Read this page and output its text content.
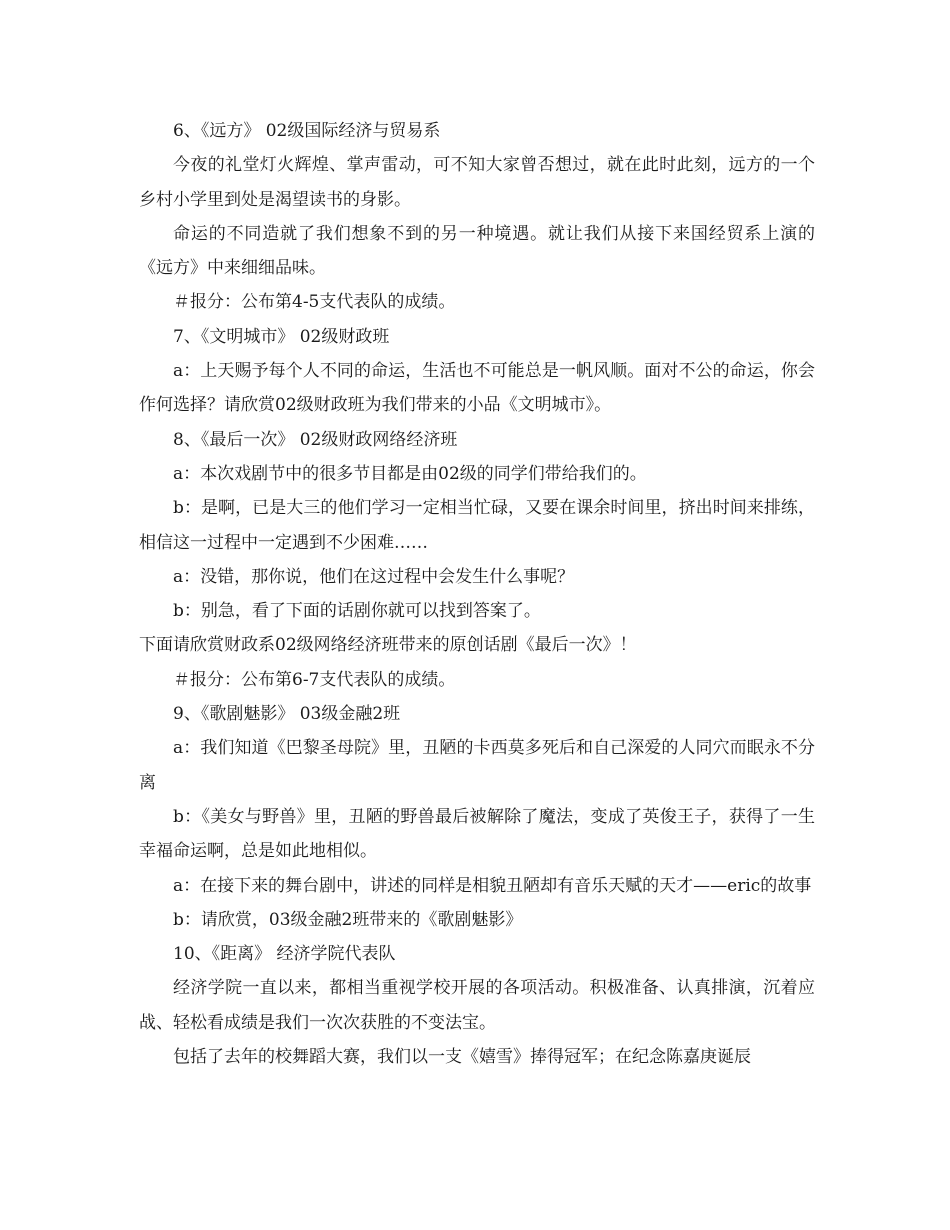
6、《远方》 02级国际经济与贸易系

今夜的礼堂灯火辉煌、掌声雷动，可不知大家曾否想过，就在此时此刻，远方的一个乡村小学里到处是渴望读书的身影。

命运的不同造就了我们想象不到的另一种境遇。就让我们从接下来国经贸系上演的《远方》中来细细品味。

＃报分：公布第4-5支代表队的成绩。

7、《文明城市》 02级财政班

a：上天赐予每个人不同的命运，生活也不可能总是一帆风顺。面对不公的命运，你会作何选择？请欣赏02级财政班为我们带来的小品《文明城市》。

8、《最后一次》 02级财政网络经济班

a：本次戏剧节中的很多节目都是由02级的同学们带给我们的。

b：是啊，已是大三的他们学习一定相当忙碌，又要在课余时间里，挤出时间来排练，相信这一过程中一定遇到不少困难……

a：没错，那你说，他们在这过程中会发生什么事呢？

b：别急，看了下面的话剧你就可以找到答案了。

下面请欣赏财政系02级网络经济班带来的原创话剧《最后一次》！

＃报分：公布第6-7支代表队的成绩。

9、《歌剧魅影》 03级金融2班

a：我们知道《巴黎圣母院》里，丑陋的卡西莫多死后和自己深爱的人同穴而眠永不分离

b：《美女与野兽》里，丑陋的野兽最后被解除了魔法，变成了英俊王子，获得了一生幸福命运啊，总是如此地相似。

a：在接下来的舞台剧中，讲述的同样是相貌丑陋却有音乐天赋的天才——eric的故事

b：请欣赏，03级金融2班带来的《歌剧魅影》

10、《距离》 经济学院代表队

经济学院一直以来，都相当重视学校开展的各项活动。积极准备、认真排演，沉着应战、轻松看成绩是我们一次次获胜的不变法宝。

包括了去年的校舞蹈大赛，我们以一支《嬉雪》捧得冠军；在纪念陈嘉庚诞辰
